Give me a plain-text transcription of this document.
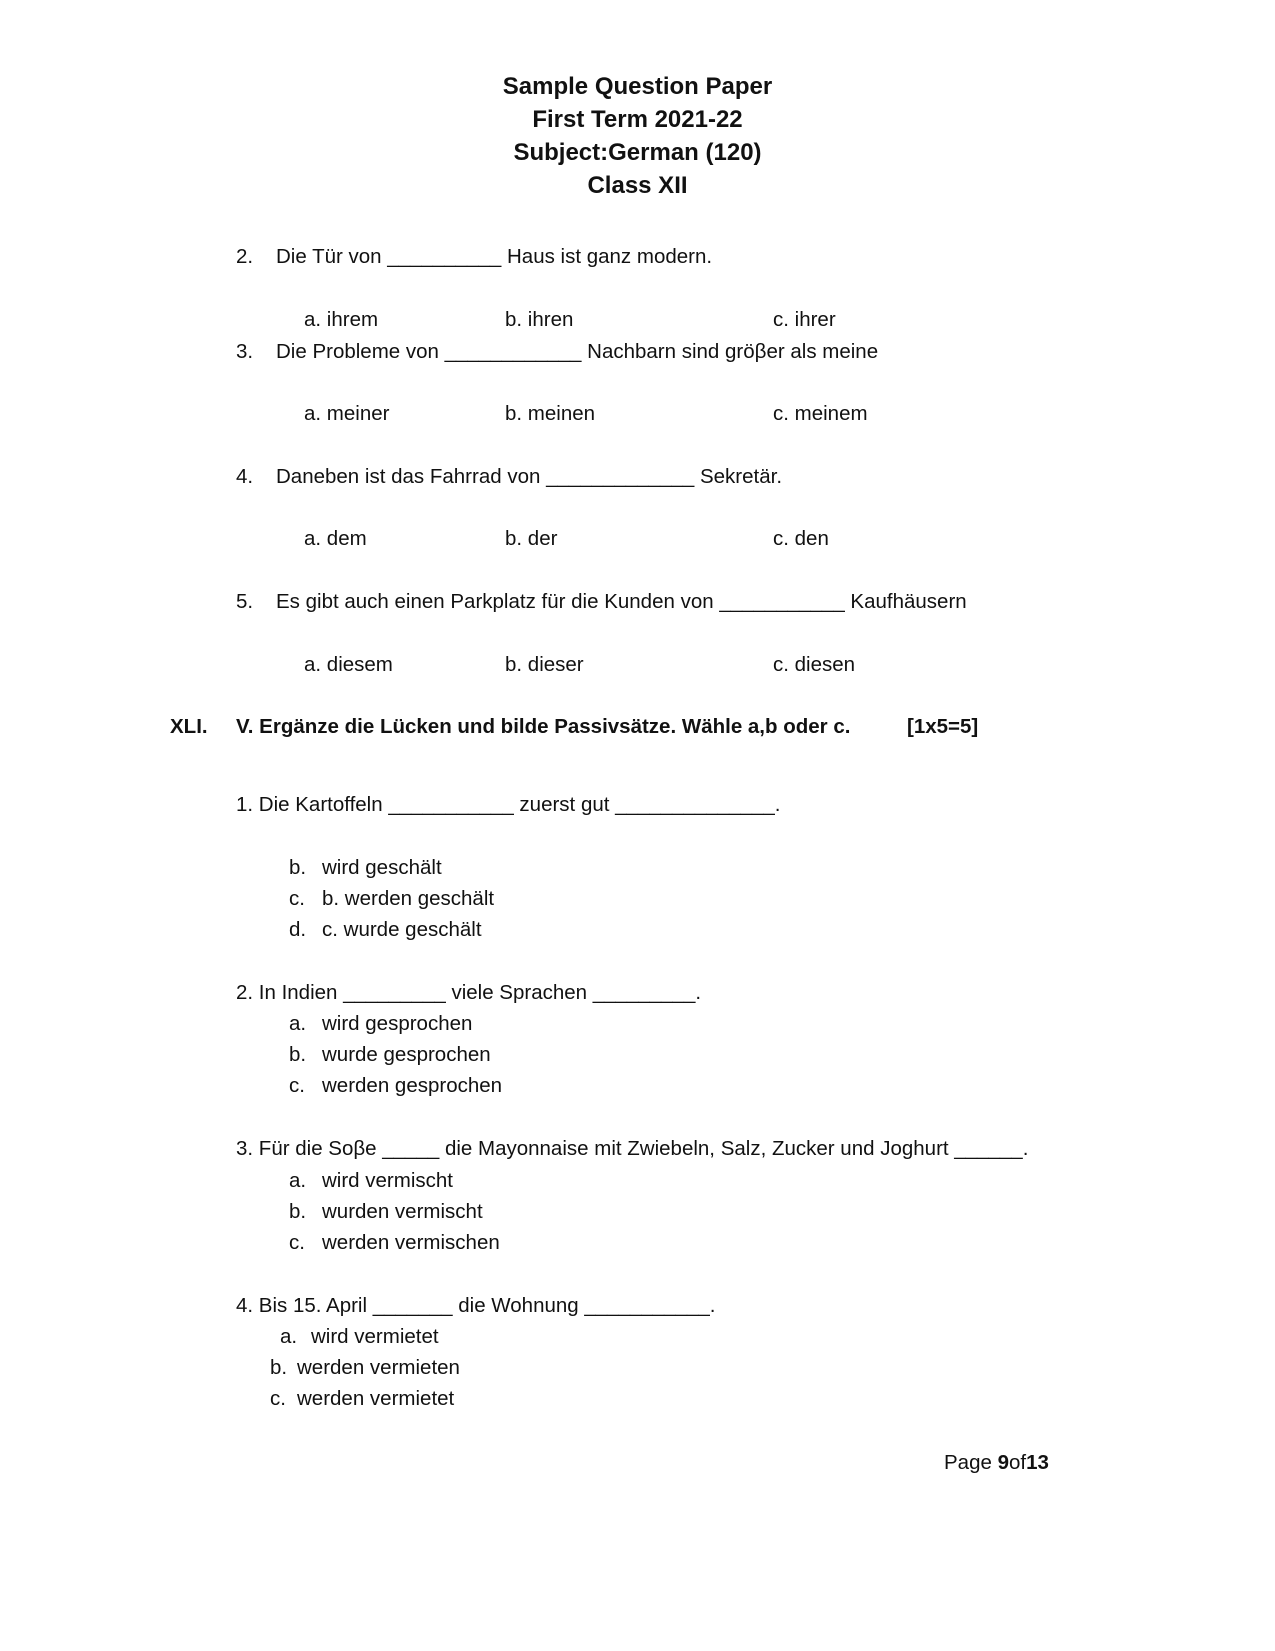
Sample Question Paper
First Term 2021-22
Subject:German (120)
Class XII
2. Die Tür von __________ Haus ist ganz modern.
a. ihrem	b. ihren	c. ihrer
3. Die Probleme von ____________ Nachbarn sind gröβer als meine
a. meiner	b. meinen	c. meinem
4. Daneben ist das Fahrrad von _____________ Sekretär.
a. dem	b. der	c. den
5. Es gibt auch einen Parkplatz für die Kunden von ___________ Kaufhäusern
a. diesem	b. dieser	c. diesen
XLI. V. Ergänze die Lücken und bilde Passivsätze. Wähle a,b oder c.	[1x5=5]
1. Die Kartoffeln ___________ zuerst gut ______________.
b. wird geschält
c. b. werden geschält
d. c. wurde geschält
2. In Indien _________ viele Sprachen _________.
a. wird gesprochen
b. wurde gesprochen
c. werden gesprochen
3. Für die Soβe _____ die Mayonnaise mit Zwiebeln, Salz, Zucker und Joghurt ______.
a. wird vermischt
b. wurden vermischt
c. werden vermischen
4. Bis 15. April _______ die Wohnung ___________.
a. wird vermietet
b. werden vermieten
c. werden vermietet
Page 9of13
